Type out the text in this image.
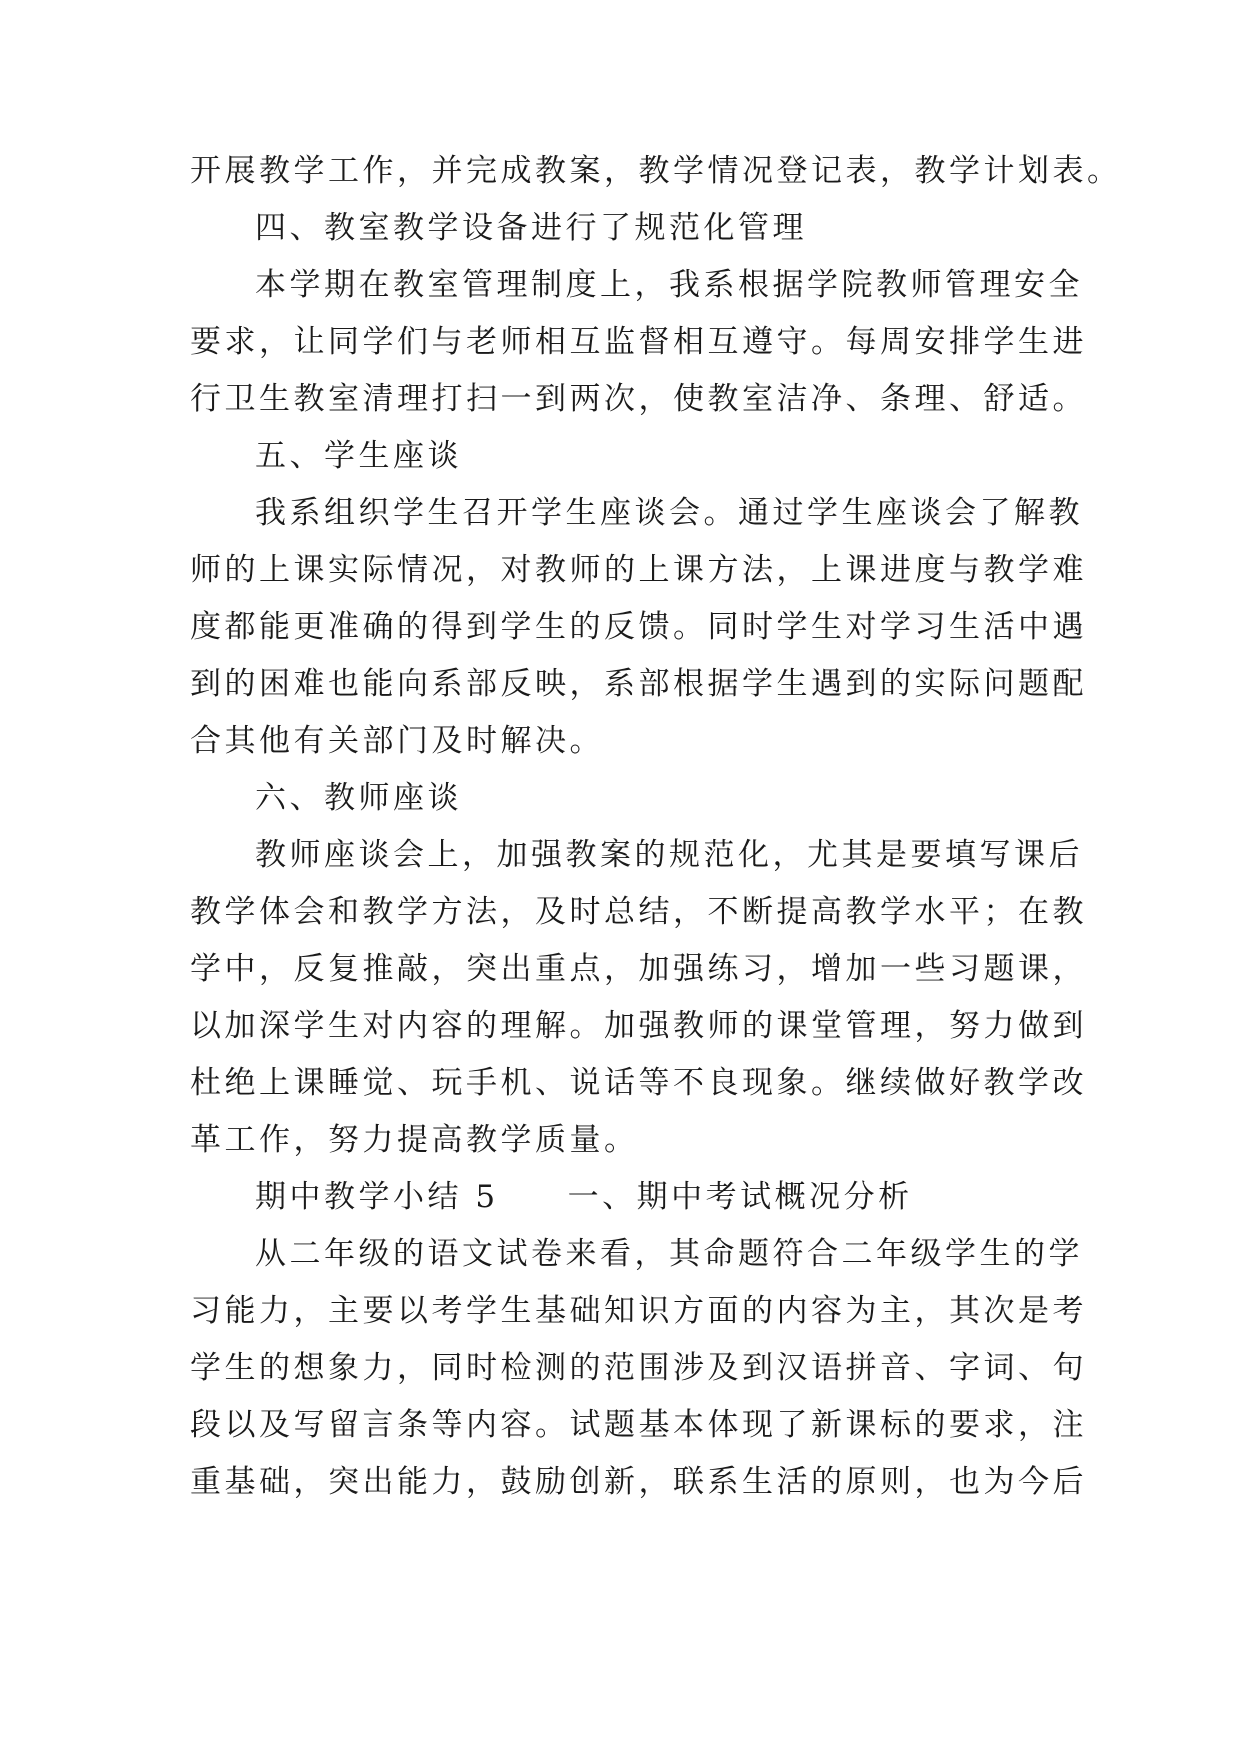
开展教学工作，并完成教案，教学情况登记表，教学计划表。
四、教室教学设备进行了规范化管理
本学期在教室管理制度上，我系根据学院教师管理安全
要求，让同学们与老师相互监督相互遵守。每周安排学生进
行卫生教室清理打扫一到两次，使教室洁净、条理、舒适。
五、学生座谈
我系组织学生召开学生座谈会。通过学生座谈会了解教
师的上课实际情况，对教师的上课方法，上课进度与教学难
度都能更准确的得到学生的反馈。同时学生对学习生活中遇
到的困难也能向系部反映，系部根据学生遇到的实际问题配
合其他有关部门及时解决。
六、教师座谈
教师座谈会上，加强教案的规范化，尤其是要填写课后
教学体会和教学方法，及时总结，不断提高教学水平；在教
学中，反复推敲，突出重点，加强练习，增加一些习题课，
以加深学生对内容的理解。加强教师的课堂管理，努力做到
杜绝上课睡觉、玩手机、说话等不良现象。继续做好教学改
革工作，努力提高教学质量。
期中教学小结 5　　一、期中考试概况分析
从二年级的语文试卷来看，其命题符合二年级学生的学
习能力，主要以考学生基础知识方面的内容为主，其次是考
学生的想象力，同时检测的范围涉及到汉语拼音、字词、句
段以及写留言条等内容。试题基本体现了新课标的要求，注
重基础，突出能力，鼓励创新，联系生活的原则，也为今后
